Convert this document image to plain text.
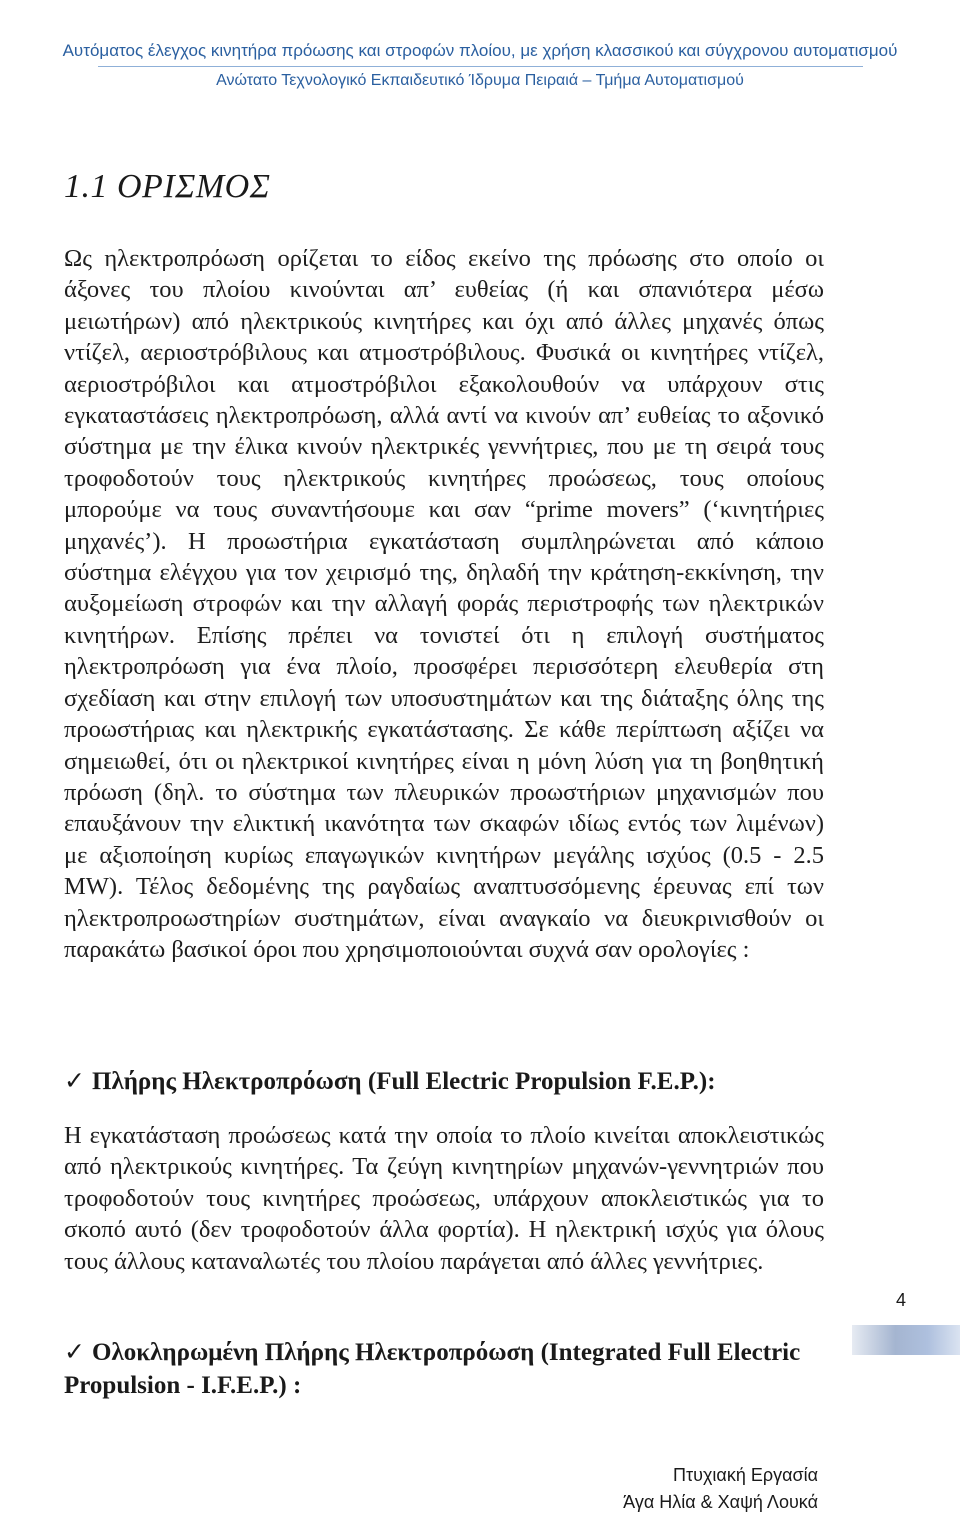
Αυτόματος έλεγχος κινητήρα πρόωσης και στροφών πλοίου, με χρήση κλασσικού και σύγχρονου αυτοματισμού
Ανώτατο Τεχνολογικό Εκπαιδευτικό Ίδρυμα Πειραιά – Τμήμα Αυτοματισμού
1.1 ΟΡΙΣΜΟΣ

Ως ηλεκτροπρόωση ορίζεται το είδος εκείνο της πρόωσης στο οποίο οι άξονες του πλοίου κινούνται απ’ ευθείας (ή και σπανιότερα μέσω μειωτήρων) από ηλεκτρικούς κινητήρες και όχι από άλλες μηχανές όπως ντίζελ, αεριοστρόβιλους και ατμοστρόβιλους. Φυσικά οι κινητήρες ντίζελ, αεριοστρόβιλοι και ατμοστρόβιλοι εξακολουθούν να υπάρχουν στις εγκαταστάσεις ηλεκτροπρόωση, αλλά αντί να κινούν απ’ ευθείας το αξονικό σύστημα με την έλικα κινούν ηλεκτρικές γεννήτριες, που με τη σειρά τους τροφοδοτούν τους ηλεκτρικούς κινητήρες προώσεως, τους οποίους μπορούμε να τους συναντήσουμε και σαν “prime movers” (‘κινητήριες μηχανές’). Η προωστήρια εγκατάσταση συμπληρώνεται από κάποιο σύστημα ελέγχου για τον χειρισμό της, δηλαδή την κράτηση-εκκίνηση, την αυξομείωση στροφών και την αλλαγή φοράς περιστροφής των ηλεκτρικών κινητήρων. Επίσης πρέπει να τονιστεί ότι η επιλογή συστήματος ηλεκτροπρόωση για ένα πλοίο, προσφέρει περισσότερη ελευθερία στη σχεδίαση και στην επιλογή των υποσυστημάτων και της διάταξης όλης της προωστήριας και ηλεκτρικής εγκατάστασης. Σε κάθε περίπτωση αξίζει να σημειωθεί, ότι οι ηλεκτρικοί κινητήρες είναι η μόνη λύση για τη βοηθητική πρόωση (δηλ. το σύστημα των πλευρικών προωστήριων μηχανισμών που επαυξάνουν την ελικτική ικανότητα των σκαφών ιδίως εντός των λιμένων) με αξιοποίηση κυρίως επαγωγικών κινητήρων μεγάλης ισχύος (0.5 - 2.5 MW). Τέλος δεδομένης της ραγδαίως αναπτυσσόμενης έρευνας επί των ηλεκτροπροωστηρίων συστημάτων, είναι αναγκαίο να διευκρινισθούν οι παρακάτω βασικοί όροι που χρησιμοποιούνται συχνά σαν ορολογίες :

✓ Πλήρης Ηλεκτροπρόωση (Full Electric Propulsion F.E.P.):

Η εγκατάσταση προώσεως κατά την οποία το πλοίο κινείται αποκλειστικώς από ηλεκτρικούς κινητήρες. Τα ζεύγη κινητηρίων μηχανών-γεννητριών που τροφοδοτούν τους κινητήρες προώσεως, υπάρχουν αποκλειστικώς για το σκοπό αυτό (δεν τροφοδοτούν άλλα φορτία). Η ηλεκτρική ισχύς για όλους τους άλλους καταναλωτές του πλοίου παράγεται από άλλες γεννήτριες.

✓ Ολοκληρωμένη Πλήρης Ηλεκτροπρόωση (Integrated Full Electric Propulsion - I.F.E.P.) :

4
Πτυχιακή Εργασία
Άγα Ηλία & Χαψή Λουκά
